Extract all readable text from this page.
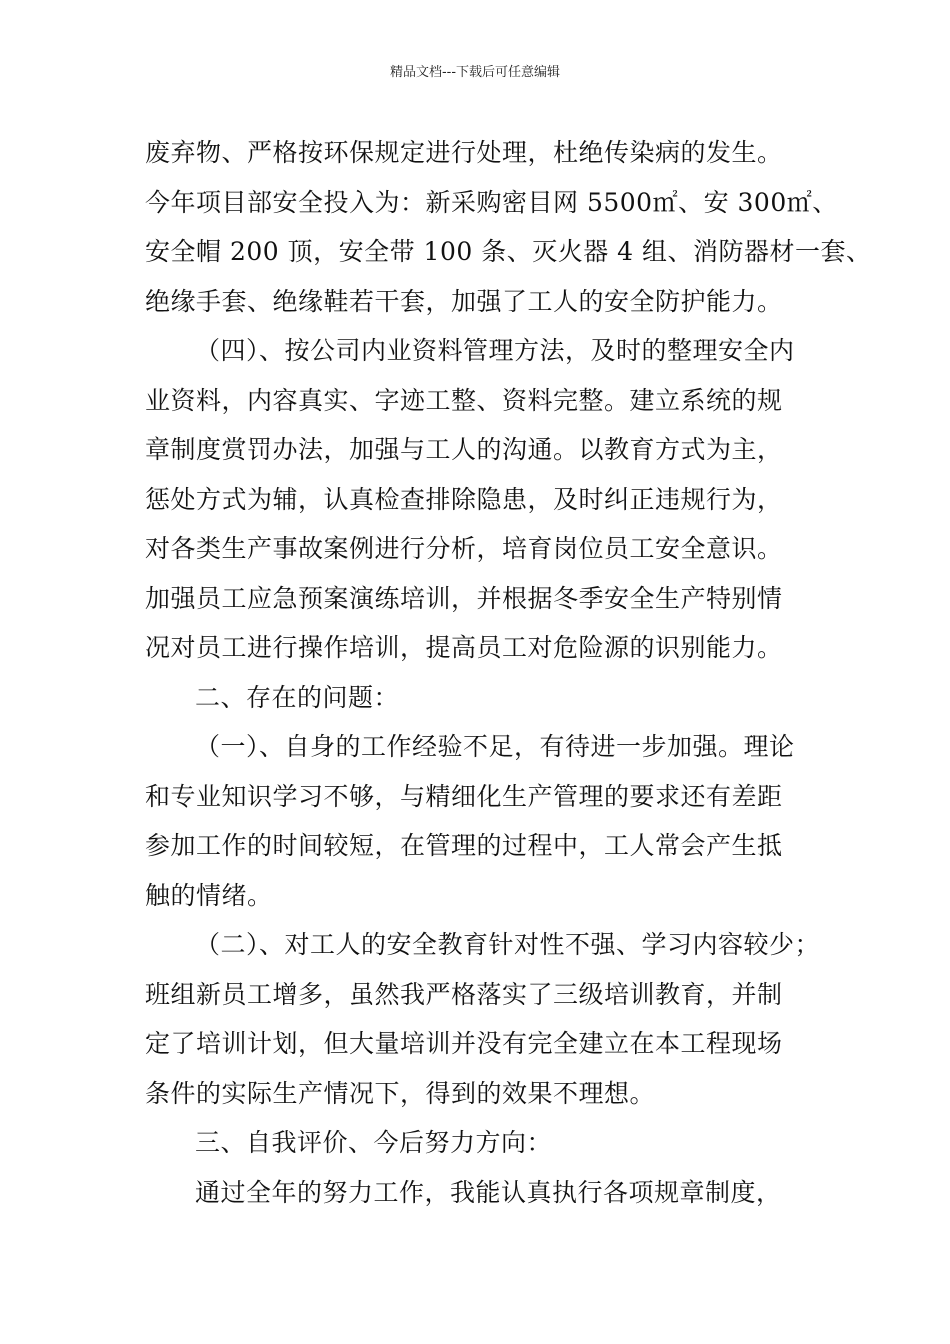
精品文档---下载后可任意编辑
废弃物、严格按环保规定进行处理，杜绝传染病的发生。
今年项目部安全投入为：新采购密目网 5500㎡、安 300㎡、
安全帽 200 顶，安全带 100 条、灭火器 4 组、消防器材一套、
绝缘手套、绝缘鞋若干套，加强了工人的安全防护能力。
（四）、按公司内业资料管理方法，及时的整理安全内
业资料，内容真实、字迹工整、资料完整。建立系统的规
章制度赏罚办法，加强与工人的沟通。以教育方式为主，
惩处方式为辅，认真检查排除隐患，及时纠正违规行为，
对各类生产事故案例进行分析，培育岗位员工安全意识。
加强员工应急预案演练培训，并根据冬季安全生产特别情
况对员工进行操作培训，提高员工对危险源的识别能力。
二、存在的问题：
（一）、自身的工作经验不足，有待进一步加强。理论
和专业知识学习不够，与精细化生产管理的要求还有差距
参加工作的时间较短，在管理的过程中，工人常会产生抵
触的情绪。
（二）、对工人的安全教育针对性不强、学习内容较少；
班组新员工增多，虽然我严格落实了三级培训教育，并制
定了培训计划，但大量培训并没有完全建立在本工程现场
条件的实际生产情况下，得到的效果不理想。
三、自我评价、今后努力方向：
通过全年的努力工作，我能认真执行各项规章制度，
